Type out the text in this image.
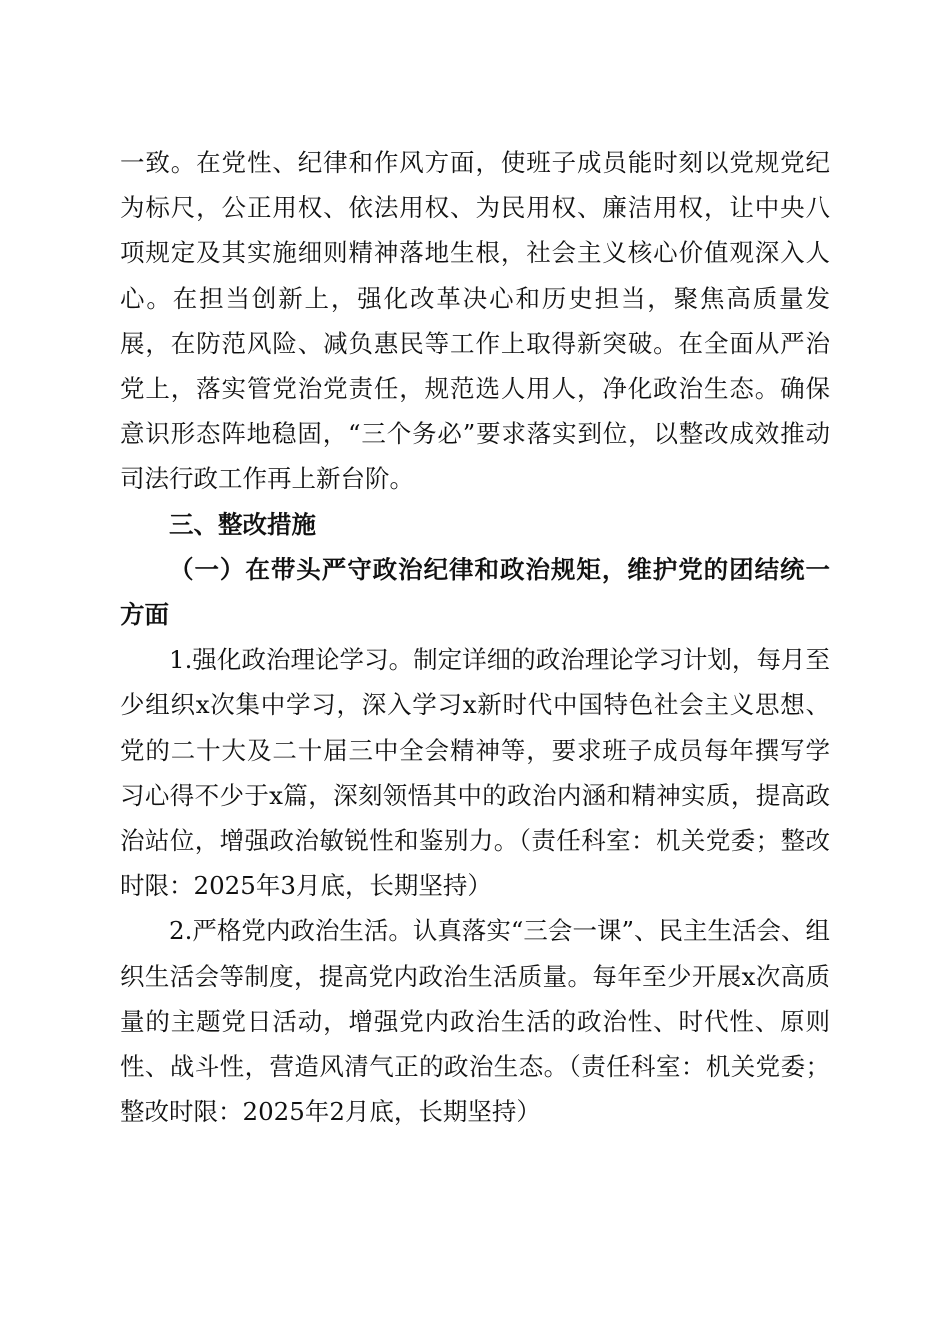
一致。在党性、纪律和作风方面，使班子成员能时刻以党规党纪为标尺，公正用权、依法用权、为民用权、廉洁用权，让中央八项规定及其实施细则精神落地生根，社会主义核心价值观深入人心。在担当创新上，强化改革决心和历史担当，聚焦高质量发展，在防范风险、减负惠民等工作上取得新突破。在全面从严治党上，落实管党治党责任，规范选人用人，净化政治生态。确保意识形态阵地稳固，“三个务必”要求落实到位，以整改成效推动司法行政工作再上新台阶。

三、整改措施

（一）在带头严守政治纪律和政治规矩，维护党的团结统一方面

1.强化政治理论学习。制定详细的政治理论学习计划，每月至少组织x次集中学习，深入学习x新时代中国特色社会主义思想、党的二十大及二十届三中全会精神等，要求班子成员每年撰写学习心得不少于x篇，深刻领悟其中的政治内涵和精神实质，提高政治站位，增强政治敏锐性和鉴别力。（责任科室：机关党委；整改时限：2025年3月底，长期坚持）

2.严格党内政治生活。认真落实“三会一课”、民主生活会、组织生活会等制度，提高党内政治生活质量。每年至少开展x次高质量的主题党日活动，增强党内政治生活的政治性、时代性、原则性、战斗性，营造风清气正的政治生态。（责任科室：机关党委；整改时限：2025年2月底，长期坚持）
